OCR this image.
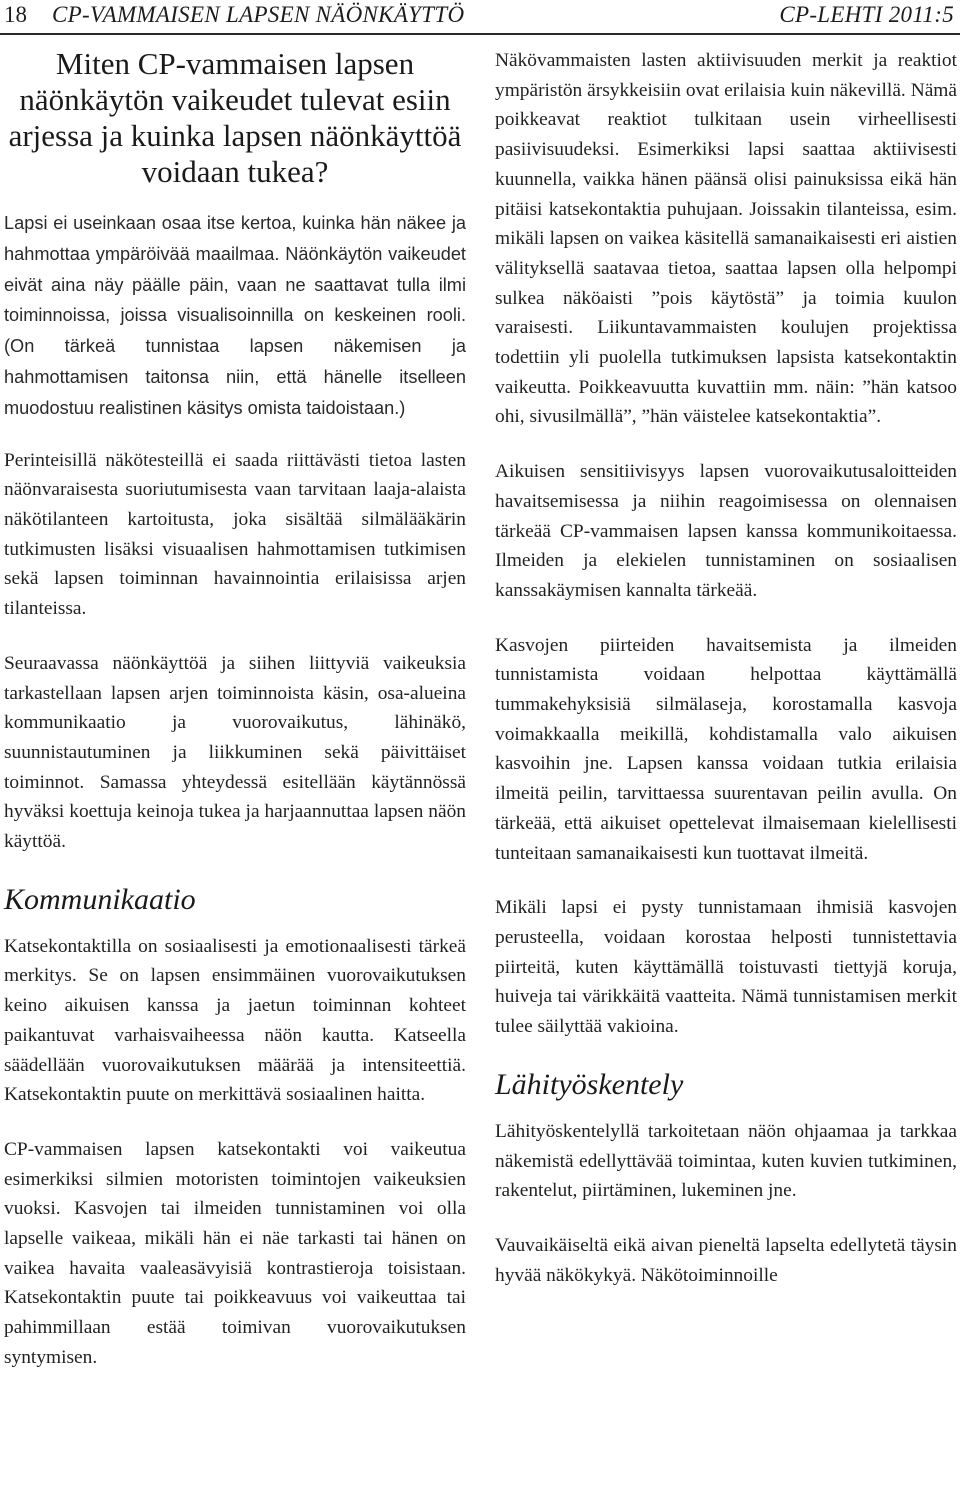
18 CP-VAMMAISEN LAPSEN NÄÖNKÄYTTÖ	CP-LEHTI 2011:5
Miten CP-vammaisen lapsen näönkäytön vaikeudet tulevat esiin arjessa ja kuinka lapsen näönkäyttöä voidaan tukea?

Lapsi ei useinkaan osaa itse kertoa, kuinka hän näkee ja hahmottaa ympäröivää maailmaa. Näönkäytön vaikeudet eivät aina näy päälle päin, vaan ne saattavat tulla ilmi toiminnoissa, joissa visualisoinnilla on keskeinen rooli. (On tärkeä tunnistaa lapsen näkemisen ja hahmottamisen taitonsa niin, että hänelle itselleen muodostuu realistinen käsitys omista taidoistaan.)

Perinteisillä näkötesteillä ei saada riittävästi tietoa lasten näönvaraisesta suoriutumisesta vaan tarvitaan laaja-alaista näkötilanteen kartoitusta, joka sisältää silmälääkärin tutkimusten lisäksi visuaalisen hahmottamisen tutkimisen sekä lapsen toiminnan havainnointia erilaisissa arjen tilanteissa.

Seuraavassa näönkäyttöä ja siihen liittyviä vaikeuksia tarkastellaan lapsen arjen toiminnoista käsin, osa-alueina kommunikaatio ja vuorovaikutus, lähinäkö, suunnistautuminen ja liikkuminen sekä päivittäiset toiminnot. Samassa yhteydessä esitellään käytännössä hyväksi koettuja keinoja tukea ja harjaannuttaa lapsen näön käyttöä.

Kommunikaatio

Katsekontaktilla on sosiaalisesti ja emotionaalisesti tärkeä merkitys. Se on lapsen ensimmäinen vuorovaikutuksen keino aikuisen kanssa ja jaetun toiminnan kohteet paikantuvat varhaisvaiheessa näön kautta. Katseella säädellään vuorovaikutuksen määrää ja intensiteettiä. Katsekontaktin puute on merkittävä sosiaalinen haitta.

CP-vammaisen lapsen katsekontakti voi vaikeutua esimerkiksi silmien motoristen toimintojen vaikeuksien vuoksi. Kasvojen tai ilmeiden tunnistaminen voi olla lapselle vaikeaa, mikäli hän ei näe tarkasti tai hänen on vaikea havaita vaaleasävyisiä kontrastieroja toisistaan. Katsekontaktin puute tai poikkeavuus voi vaikeuttaa tai pahimmillaan estää toimivan vuorovaikutuksen syntymisen.

Näkövammaisten lasten aktiivisuuden merkit ja reaktiot ympäristön ärsykkeisiin ovat erilaisia kuin näkevillä. Nämä poikkeavat reaktiot tulkitaan usein virheellisesti pasiivisuudeksi. Esimerkiksi lapsi saattaa aktiivisesti kuunnella, vaikka hänen päänsä olisi painuksissa eikä hän pitäisi katsekontaktia puhujaan. Joissakin tilanteissa, esim. mikäli lapsen on vaikea käsitellä samanaikaisesti eri aistien välityksellä saatavaa tietoa, saattaa lapsen olla helpompi sulkea näköaisti ”pois käytöstä” ja toimia kuulon varaisesti. Liikuntavammaisten koulujen projektissa todettiin yli puolella tutkimuksen lapsista katsekontaktin vaikeutta. Poikkeavuutta kuvattiin mm. näin: ”hän katsoo ohi, sivusilmällä”, ”hän väistelee katsekontaktia”.

Aikuisen sensitiivisyys lapsen vuorovaikutusaloitteiden havaitsemisessa ja niihin reagoimisessa on olennaisen tärkeää CP-vammaisen lapsen kanssa kommunikoitaessa. Ilmeiden ja elekielen tunnistaminen on sosiaalisen kanssakäymisen kannalta tärkeää.

Kasvojen piirteiden havaitsemista ja ilmeiden tunnistamista voidaan helpottaa käyttämällä tummakehyksisiä silmälaseja, korostamalla kasvoja voimakkaalla meikillä, kohdistamalla valo aikuisen kasvoihin jne. Lapsen kanssa voidaan tutkia erilaisia ilmeitä peilin, tarvittaessa suurentavan peilin avulla. On tärkeää, että aikuiset opettelevat ilmaisemaan kielellisesti tunteitaan samanaikaisesti kun tuottavat ilmeitä.

Mikäli lapsi ei pysty tunnistamaan ihmisiä kasvojen perusteella, voidaan korostaa helposti tunnistettavia piirteitä, kuten käyttämällä toistuvasti tiettyjä koruja, huiveja tai värikkäitä vaatteita. Nämä tunnistamisen merkit tulee säilyttää vakioina.

Lähityöskentely

Lähityöskentelyllä tarkoitetaan näön ohjaamaa ja tarkkaa näkemistä edellyttävää toimintaa, kuten kuvien tutkiminen, rakentelut, piirtäminen, lukeminen jne.

Vauvaikäiseltä eikä aivan pieneltä lapselta edellytetä täysin hyvää näkökykyä. Näkötoiminnoille
